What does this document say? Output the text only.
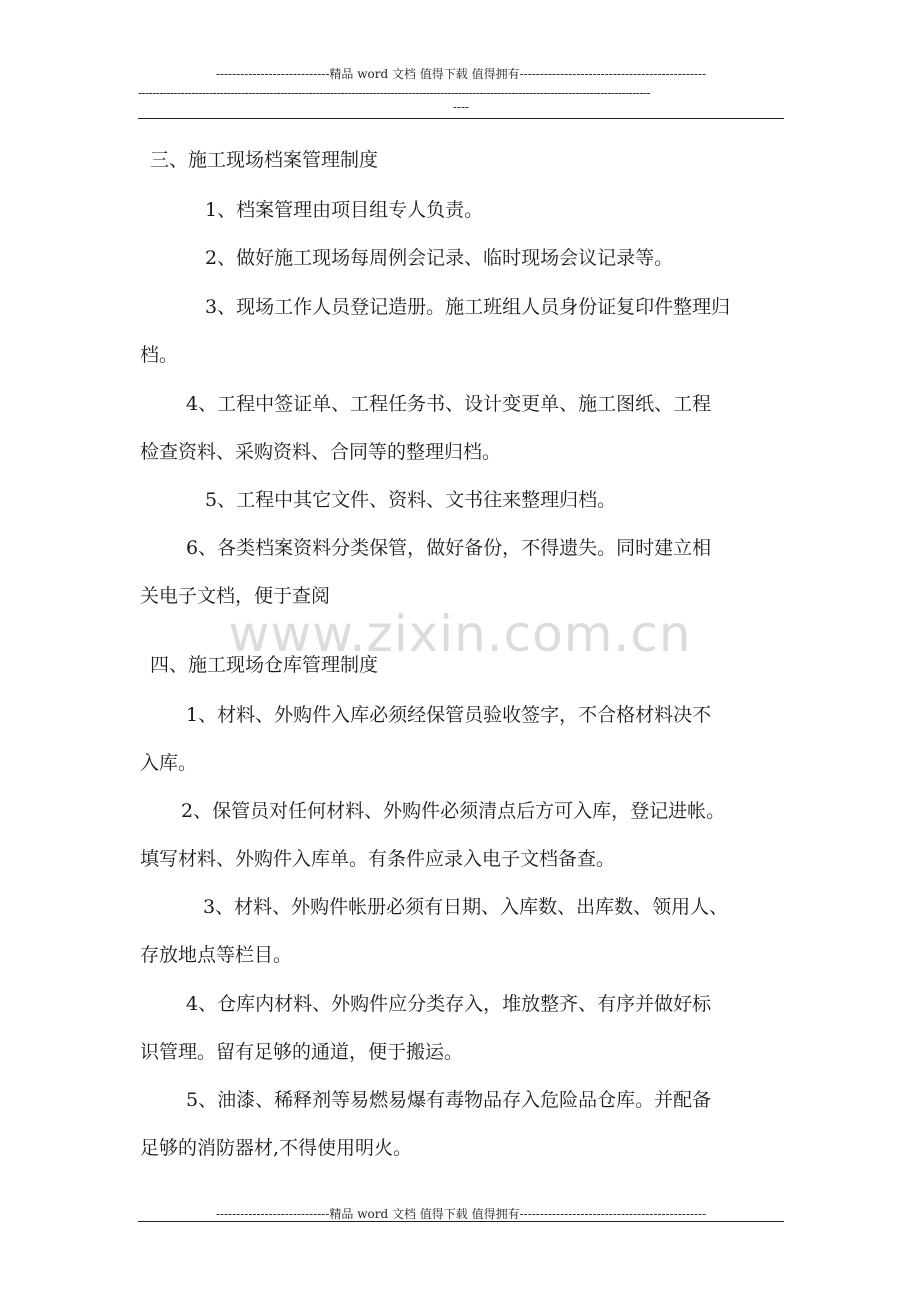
----------------------------精品 word 文档 值得下载 值得拥有----------------------------------------------
------------------------------------------------------------------------------------------------------------------------------------------------
----
www.zixin.com.cn
三、施工现场档案管理制度
1、档案管理由项目组专人负责。
2、做好施工现场每周例会记录、临时现场会议记录等。
3、现场工作人员登记造册。施工班组人员身份证复印件整理归
档。
4、工程中签证单、工程任务书、设计变更单、施工图纸、工程
检查资料、采购资料、合同等的整理归档。
5、工程中其它文件、资料、文书往来整理归档。
6、各类档案资料分类保管，做好备份，不得遗失。同时建立相
关电子文档，便于查阅
四、施工现场仓库管理制度
1、材料、外购件入库必须经保管员验收签字，不合格材料决不
入库。
2、保管员对任何材料、外购件必须清点后方可入库，登记进帐。
填写材料、外购件入库单。有条件应录入电子文档备查。
3、材料、外购件帐册必须有日期、入库数、出库数、领用人、
存放地点等栏目。
4、仓库内材料、外购件应分类存入，堆放整齐、有序并做好标
识管理。留有足够的通道，便于搬运。
5、油漆、稀释剂等易燃易爆有毒物品存入危险品仓库。并配备
足够的消防器材,不得使用明火。
----------------------------精品 word 文档 值得下载 值得拥有----------------------------------------------
